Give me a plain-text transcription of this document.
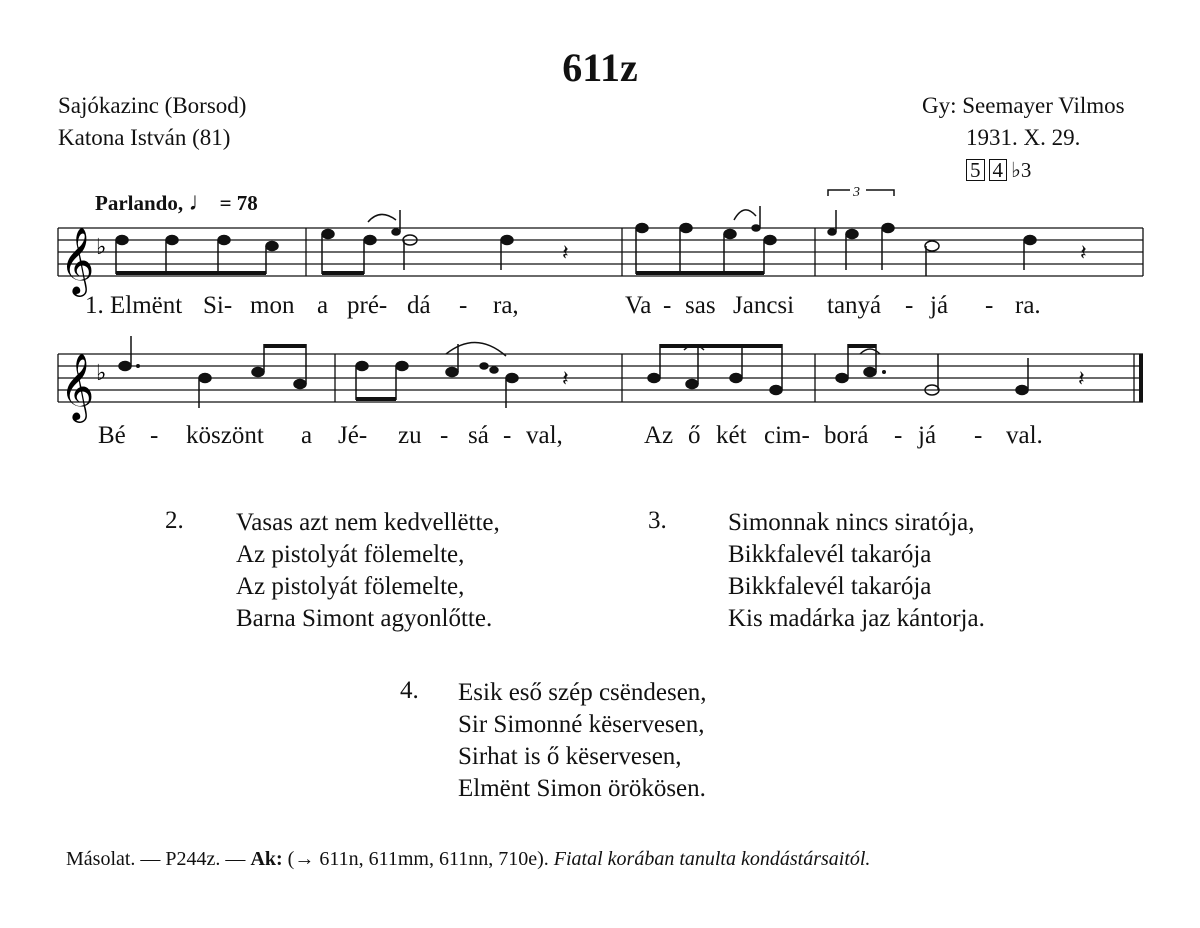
611z
Sajókazinc (Borsod)
Katona István (81)
Gy: Seemayer Vilmos
1931. X. 29.
5 4 ♭3
Parlando, ♩ = 78
𝄞 ♭	𝄽	𝄽
3
1. Elmënt Si- mon a pré- dá - ra,	Va - sas Jancsi tanyá - já - ra.
𝄞 ♭	𝄽	𝄽
Bé - köszönt a Jé- zu - sá - val,	Az ő két cim- borá - já - val.
2. Vasas azt nem kedvellëtte,
Az pistolyát fölemelte,
Az pistolyát fölemelte,
Barna Simont agyonlőtte.
3. Simonnak nincs siratója,
Bikkfalevél takarója
Bikkfalevél takarója
Kis madárka jaz kántorja.
4. Esik eső szép csëndesen,
Sir Simonné këservesen,
Sirhat is ő këservesen,
Elmënt Simon örökösen.
Másolat. — P244z. — Ak: (→ 611n, 611mm, 611nn, 710e). Fiatal korában tanulta kondástársaitól.
